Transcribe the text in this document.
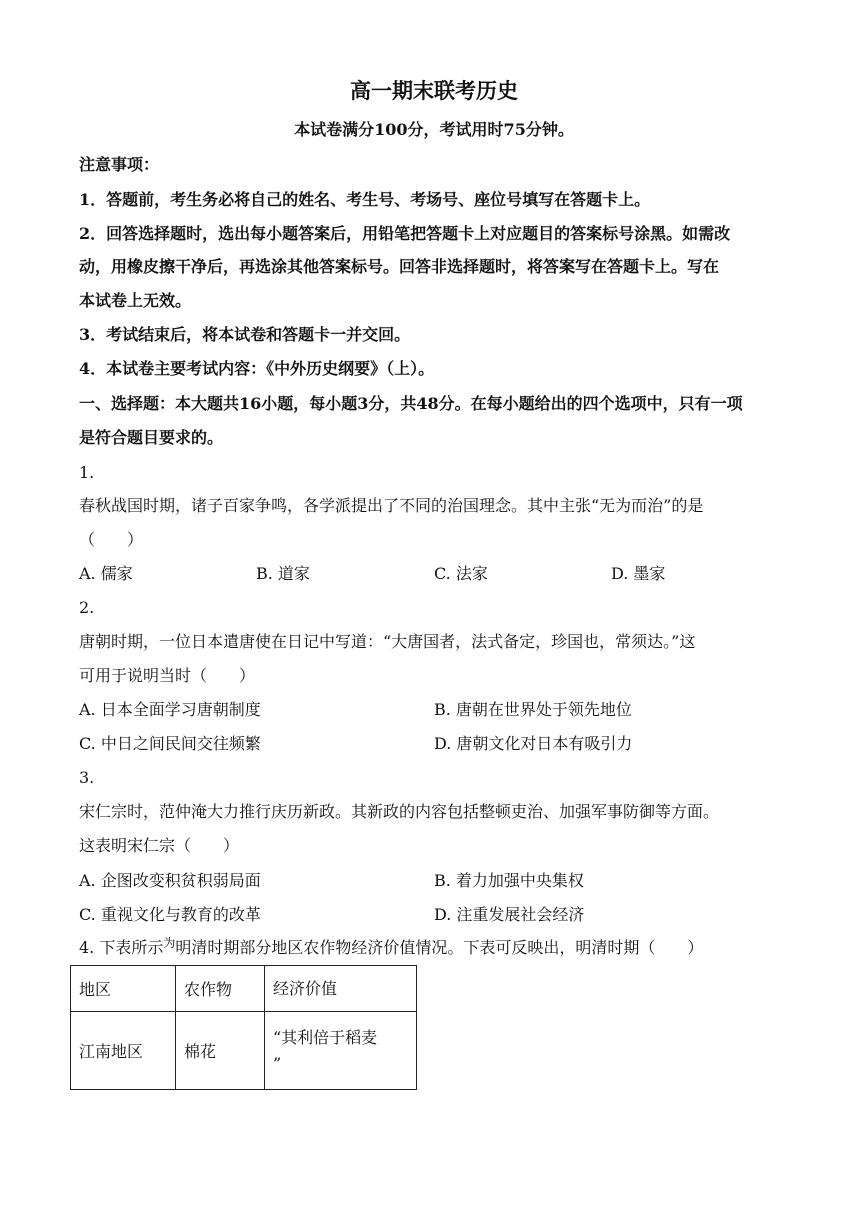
高一期末联考历史
本试卷满分100分，考试用时75分钟。
注意事项：
1．答题前，考生务必将自己的姓名、考生号、考场号、座位号填写在答题卡上。
2．回答选择题时，选出每小题答案后，用铅笔把答题卡上对应题目的答案标号涂黑。如需改
动，用橡皮擦干净后，再选涂其他答案标号。回答非选择题时，将答案写在答题卡上。写在
本试卷上无效。
3．考试结束后，将本试卷和答题卡一并交回。
4．本试卷主要考试内容：《中外历史纲要》（上）。
一、选择题：本大题共16小题，每小题3分，共48分。在每小题给出的四个选项中，只有一项
是符合题目要求的。
1.
春秋战国时期，诸子百家争鸣，各学派提出了不同的治国理念。其中主张“无为而治”的是
（　　）
A. 儒家	B. 道家	C. 法家	D. 墨家
2.
唐朝时期，一位日本遣唐使在日记中写道：“大唐国者，法式备定，珍国也，常须达。”这
可用于说明当时（　　）
A. 日本全面学习唐朝制度	B. 唐朝在世界处于领先地位
C. 中日之间民间交往频繁	D. 唐朝文化对日本有吸引力
3.
宋仁宗时，范仲淹大力推行庆历新政。其新政的内容包括整顿吏治、加强军事防御等方面。
这表明宋仁宗（　　）
A. 企图改变积贫积弱局面	B. 着力加强中央集权
C. 重视文化与教育的改革	D. 注重发展社会经济
4. 下表所示$^为$明清时期部分地区农作物经济价值情况。下表可反映出，明清时期（　　）
地区	农作物	经济价值
江南地区	棉花	“其利倍于稻麦
”
